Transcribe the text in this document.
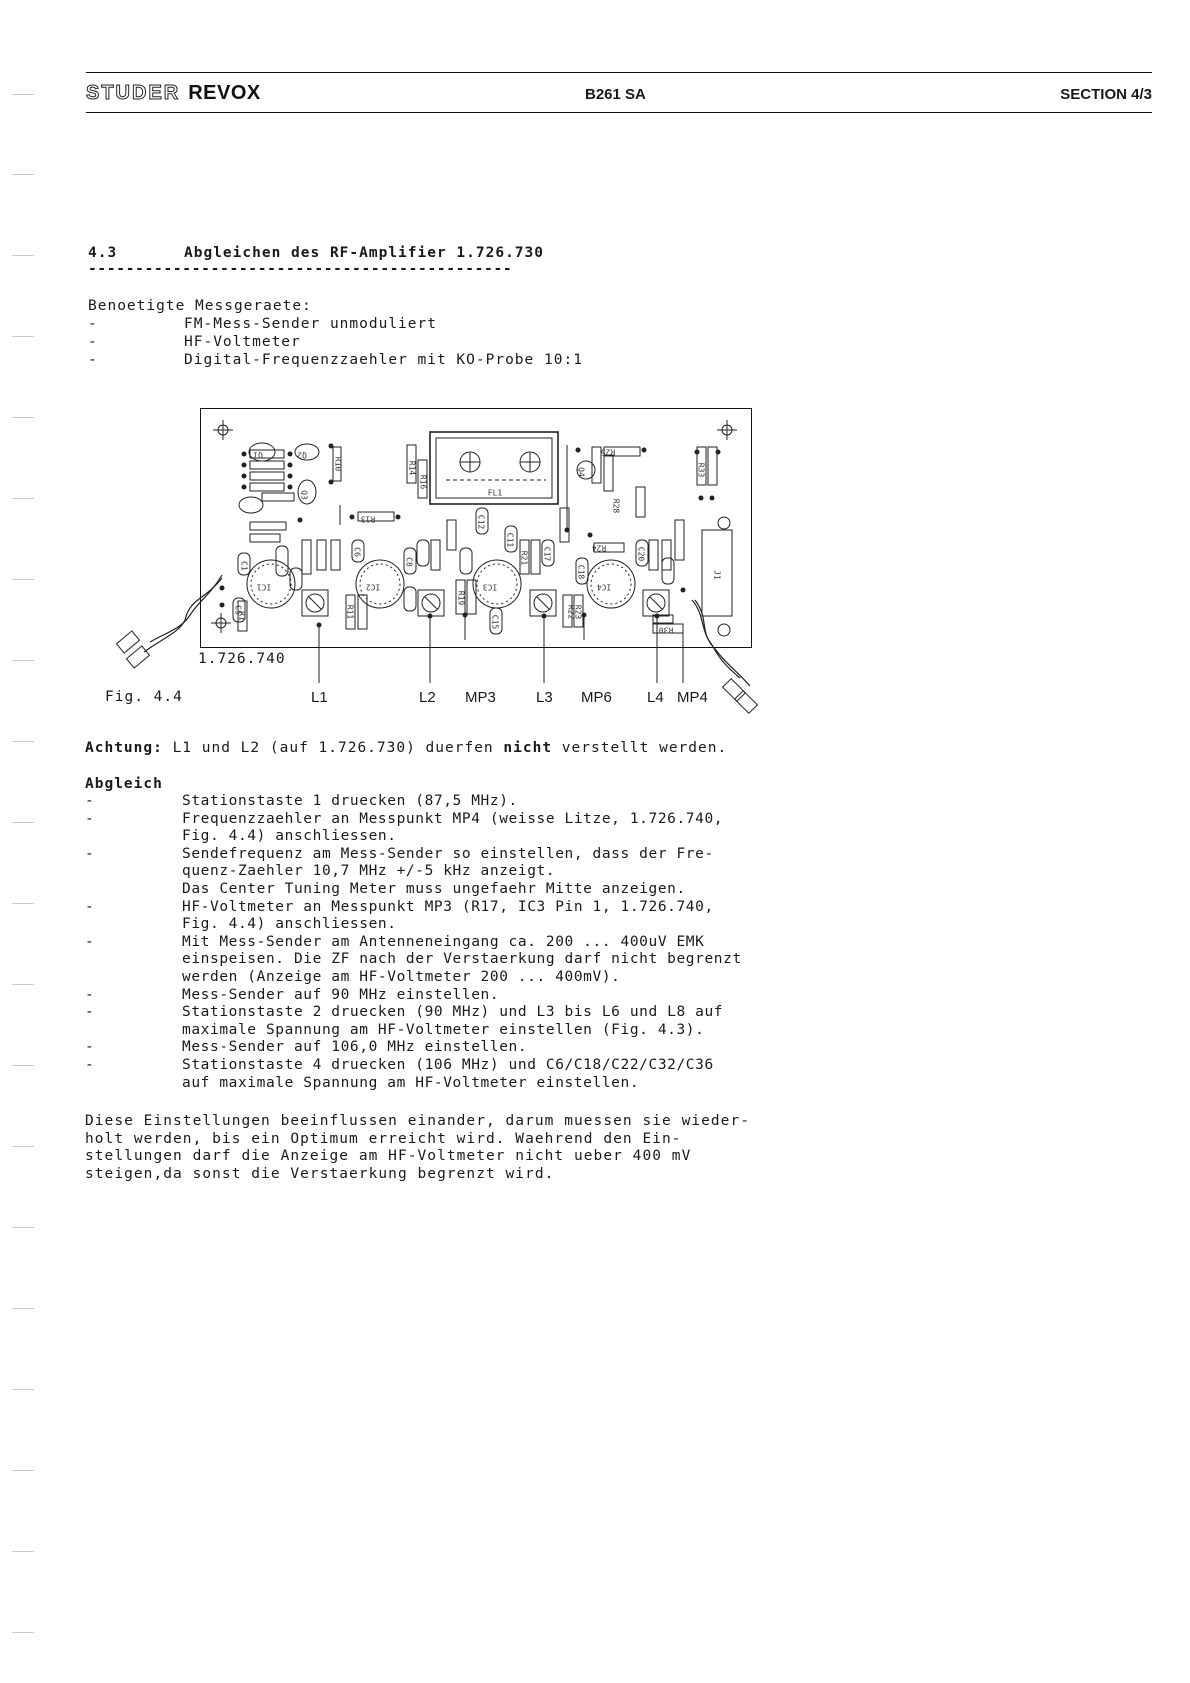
STUDER REVOX	B261 SA	SECTION 4/3
4.3	Abgleichen des RF-Amplifier 1.726.730
---------------------------------------------
Benoetigte Messgeraete:
-	FM-Mess-Sender unmoduliert
-	HF-Voltmeter
-	Digital-Frequenzzaehler mit KO-Probe 10:1
FL1
J1
IC1	IC2	IC3	IC4
Q1	Q2
Q3
Q4
R13
R25
R10	R14
R16
R33
R28
R24
R30
R1	R11
R19
R21
R22
R23
C1
C6
C8
C11
C12
C15
C17	C20
C18
C5
1.726.740
Fig. 4.4	L1	L2 MP3	L3 MP6 L4 MP4
Achtung: L1 und L2 (auf 1.726.730) duerfen nicht verstellt werden.
Abgleich
-	Stationstaste 1 druecken (87,5 MHz).
-	Frequenzzaehler an Messpunkt MP4 (weisse Litze, 1.726.740,
Fig. 4.4) anschliessen.
-	Sendefrequenz am Mess-Sender so einstellen, dass der Fre-
quenz-Zaehler 10,7 MHz +/-5 kHz anzeigt.
Das Center Tuning Meter muss ungefaehr Mitte anzeigen.
-	HF-Voltmeter an Messpunkt MP3 (R17, IC3 Pin 1, 1.726.740,
Fig. 4.4) anschliessen.
-	Mit Mess-Sender am Antenneneingang ca. 200 ... 400uV EMK
einspeisen. Die ZF nach der Verstaerkung darf nicht begrenzt
werden (Anzeige am HF-Voltmeter 200 ... 400mV).
-	Mess-Sender auf 90 MHz einstellen.
-	Stationstaste 2 druecken (90 MHz) und L3 bis L6 und L8 auf
maximale Spannung am HF-Voltmeter einstellen (Fig. 4.3).
-	Mess-Sender auf 106,0 MHz einstellen.
-	Stationstaste 4 druecken (106 MHz) und C6/C18/C22/C32/C36
auf maximale Spannung am HF-Voltmeter einstellen.
Diese Einstellungen beeinflussen einander, darum muessen sie wieder-
holt werden, bis ein Optimum erreicht wird. Waehrend den Ein-
stellungen darf die Anzeige am HF-Voltmeter nicht ueber 400 mV
steigen,da sonst die Verstaerkung begrenzt wird.
